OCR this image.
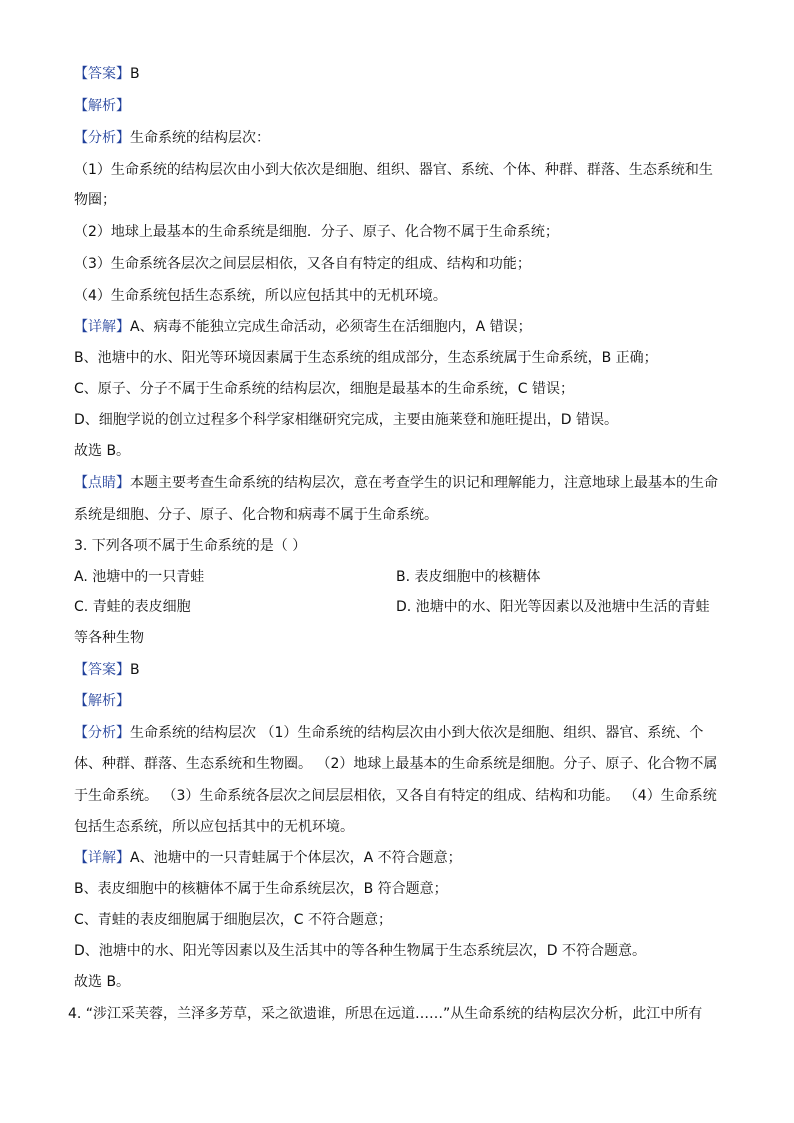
【答案】B
【解析】
【分析】生命系统的结构层次：
（1）生命系统的结构层次由小到大依次是细胞、组织、器官、系统、个体、种群、群落、生态系统和生
物圈；
（2）地球上最基本的生命系统是细胞．分子、原子、化合物不属于生命系统；
（3）生命系统各层次之间层层相依，又各自有特定的组成、结构和功能；
（4）生命系统包括生态系统，所以应包括其中的无机环境。
【详解】A、病毒不能独立完成生命活动，必须寄生在活细胞内，A 错误；
B、池塘中的水、阳光等环境因素属于生态系统的组成部分，生态系统属于生命系统，B 正确；
C、原子、分子不属于生命系统的结构层次，细胞是最基本的生命系统，C 错误；
D、细胞学说的创立过程多个科学家相继研究完成，主要由施莱登和施旺提出，D 错误。
故选 B。
【点睛】本题主要考查生命系统的结构层次，意在考查学生的识记和理解能力，注意地球上最基本的生命
系统是细胞、分子、原子、化合物和病毒不属于生命系统。
3. 下列各项不属于生命系统的是（ ）
A. 池塘中的一只青蛙	B. 表皮细胞中的核糖体
C. 青蛙的表皮细胞	D. 池塘中的水、阳光等因素以及池塘中生活的青蛙
等各种生物
【答案】B
【解析】
【分析】生命系统的结构层次 （1）生命系统的结构层次由小到大依次是细胞、组织、器官、系统、个
体、种群、群落、生态系统和生物圈。 （2）地球上最基本的生命系统是细胞。分子、原子、化合物不属
于生命系统。 （3）生命系统各层次之间层层相依，又各自有特定的组成、结构和功能。 （4）生命系统
包括生态系统，所以应包括其中的无机环境。
【详解】A、池塘中的一只青蛙属于个体层次，A 不符合题意；
B、表皮细胞中的核糖体不属于生命系统层次，B 符合题意；
C、青蛙的表皮细胞属于细胞层次，C 不符合题意；
D、池塘中的水、阳光等因素以及生活其中的等各种生物属于生态系统层次，D 不符合题意。
故选 B。
4. “涉江采芙蓉，兰泽多芳草，采之欲遗谁，所思在远道……”从生命系统的结构层次分析，此江中所有
